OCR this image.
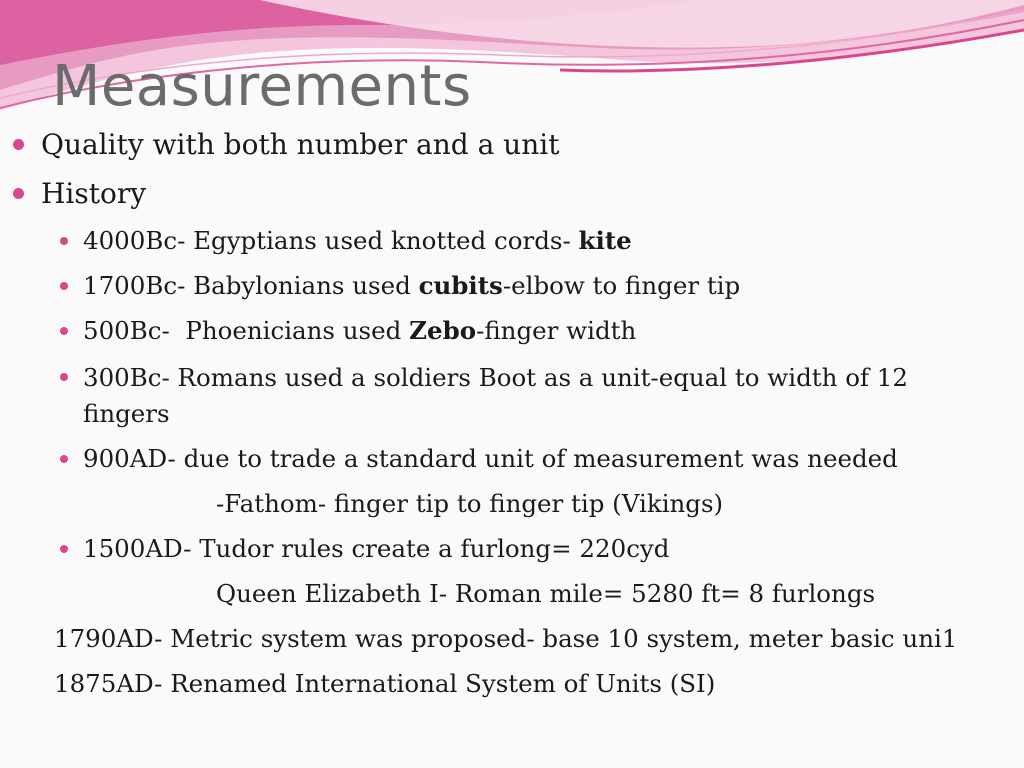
Measurements
Quality with both number and a unit
History
4000Bc- Egyptians used knotted cords- kite
1700Bc- Babylonians used cubits-elbow to finger tip
500Bc-  Phoenicians used Zebo-finger width
300Bc- Romans used a soldiers Boot as a unit-equal to width of 12 fingers
900AD- due to trade a standard unit of measurement was needed
-Fathom- finger tip to finger tip (Vikings)
1500AD- Tudor rules create a furlong= 220cyd
Queen Elizabeth I- Roman mile= 5280 ft= 8 furlongs
1790AD- Metric system was proposed- base 10 system, meter basic uni1
1875AD- Renamed International System of Units (SI)
